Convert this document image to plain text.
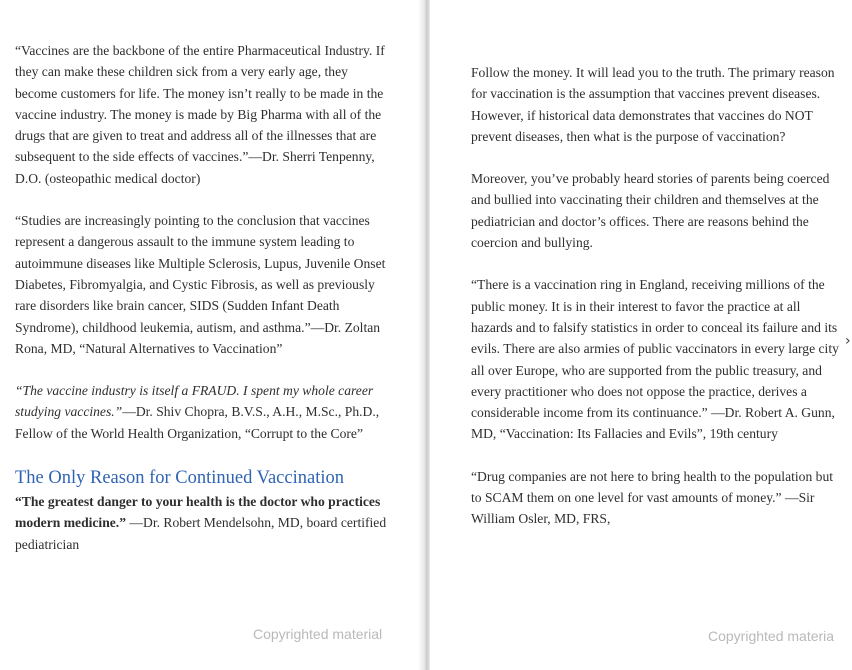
“Vaccines are the backbone of the entire Pharmaceutical Industry. If they can make these children sick from a very early age, they become customers for life. The money isn’t really to be made in the vaccine industry. The money is made by Big Pharma with all of the drugs that are given to treat and address all of the illnesses that are subsequent to the side effects of vaccines.”—Dr. Sherri Tenpenny, D.O. (osteopathic medical doctor)

“Studies are increasingly pointing to the conclusion that vaccines represent a dangerous assault to the immune system leading to autoimmune diseases like Multiple Sclerosis, Lupus, Juvenile Onset Diabetes, Fibromyalgia, and Cystic Fibrosis, as well as previously rare disorders like brain cancer, SIDS (Sudden Infant Death Syndrome), childhood leukemia, autism, and asthma.”—Dr. Zoltan Rona, MD, “Natural Alternatives to Vaccination”

“The vaccine industry is itself a FRAUD. I spent my whole career studying vaccines.”—Dr. Shiv Chopra, B.V.S., A.H., M.Sc., Ph.D., Fellow of the World Health Organization, “Corrupt to the Core”

The Only Reason for Continued Vaccination

“The greatest danger to your health is the doctor who practices modern medicine.” —Dr. Robert Mendelsohn, MD, board certified pediatrician

Copyrighted material

Follow the money. It will lead you to the truth. The primary reason for vaccination is the assumption that vaccines prevent diseases. However, if historical data demonstrates that vaccines do NOT prevent diseases, then what is the purpose of vaccination?

Moreover, you’ve probably heard stories of parents being coerced and bullied into vaccinating their children and themselves at the pediatrician and doctor’s offices. There are reasons behind the coercion and bullying.

“There is a vaccination ring in England, receiving millions of the public money. It is in their interest to favor the practice at all hazards and to falsify statistics in order to conceal its failure and its evils. There are also armies of public vaccinators in every large city all over Europe, who are supported from the public treasury, and every practitioner who does not oppose the practice, derives a considerable income from its continuance.” —Dr. Robert A. Gunn, MD, “Vaccination: Its Fallacies and Evils”, 19th century

“Drug companies are not here to bring health to the population but to SCAM them on one level for vast amounts of money.” —Sir William Osler, MD, FRS,

›
Copyrighted materia
